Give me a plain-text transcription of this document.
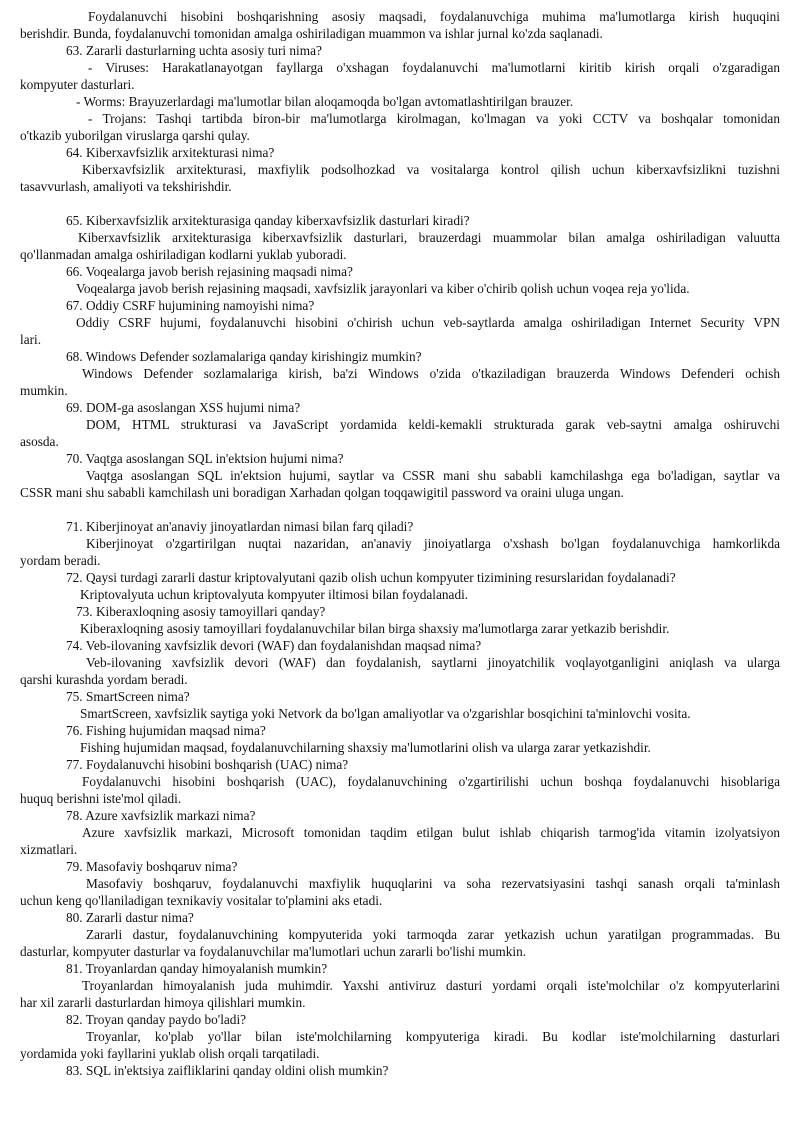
Foydalanuvchi hisobini boshqarishning asosiy maqsadi, foydalanuvchiga muhima ma'lumotlarga kirish huquqini
berishdir. Bunda, foydalanuvchi tomonidan amalga oshiriladigan muammon va ishlar jurnal ko'zda saqlanadi.
63. Zararli dasturlarning uchta asosiy turi nima?
- Viruses: Harakatlanayotgan fayllarga o'xshagan foydalanuvchi ma'lumotlarni kiritib kirish orqali o'zgaradigan
kompyuter dasturlari.
- Worms: Brayuzerlardagi ma'lumotlar bilan aloqamoqda bo'lgan avtomatlashtirilgan brauzer.
- Trojans: Tashqi tartibda biron-bir ma'lumotlarga kirolmagan, ko'lmagan va yoki CCTV va boshqalar tomonidan
o'tkazib yuborilgan viruslarga qarshi qulay.
64. Kiberxavfsizlik arxitekturasi nima?
Kiberxavfsizlik arxitekturasi, maxfiylik podsolhozkad va vositalarga kontrol qilish uchun kiberxavfsizlikni tuzishni
tasavvurlash, amaliyoti va tekshirishdir.
65. Kiberxavfsizlik arxitekturasiga qanday kiberxavfsizlik dasturlari kiradi?
Kiberxavfsizlik arxitekturasiga kiberxavfsizlik dasturlari, brauzerdagi muammolar bilan amalga oshiriladigan valuutta
qo'llanmadan amalga oshiriladigan kodlarni yuklab yuboradi.
66. Voqealarga javob berish rejasining maqsadi nima?
Voqealarga javob berish rejasining maqsadi, xavfsizlik jarayonlari va kiber o'chirib qolish uchun voqea reja yo'lida.
67. Oddiy CSRF hujumining namoyishi nima?
Oddiy CSRF hujumi, foydalanuvchi hisobini o'chirish uchun veb-saytlarda amalga oshiriladigan Internet Security VPN
lari.
68. Windows Defender sozlamalariga qanday kirishingiz mumkin?
Windows Defender sozlamalariga kirish, ba'zi Windows o'zida o'tkaziladigan brauzerda Windows Defenderi ochish
mumkin.
69. DOM-ga asoslangan XSS hujumi nima?
DOM, HTML strukturasi va JavaScript yordamida keldi-kemakli strukturada garak veb-saytni amalga oshiruvchi
asosda.
70. Vaqtga asoslangan SQL in'ektsion hujumi nima?
Vaqtga asoslangan SQL in'ektsion hujumi, saytlar va CSSR mani shu sababli kamchilashga ega bo'ladigan, saytlar va
CSSR mani shu sababli kamchilash uni boradigan Xarhadan qolgan toqqawigitil password va oraini uluga ungan.
71. Kiberjinoyat an'anaviy jinoyatlardan nimasi bilan farq qiladi?
Kiberjinoyat o'zgartirilgan nuqtai nazaridan, an'anaviy jinoiyatlarga o'xshash bo'lgan foydalanuvchiga hamkorlikda
yordam beradi.
72. Qaysi turdagi zararli dastur kriptovalyutani qazib olish uchun kompyuter tizimining resurslaridan foydalanadi?
Kriptovalyuta uchun kriptovalyuta kompyuter iltimosi bilan foydalanadi.
73. Kiberaxloqning asosiy tamoyillari qanday?
Kiberaxloqning asosiy tamoyillari foydalanuvchilar bilan birga shaxsiy ma'lumotlarga zarar yetkazib berishdir.
74. Veb-ilovaning xavfsizlik devori (WAF) dan foydalanishdan maqsad nima?
Veb-ilovaning xavfsizlik devori (WAF) dan foydalanish, saytlarni jinoyatchilik voqlayotganligini aniqlash va ularga
qarshi kurashda yordam beradi.
75. SmartScreen nima?
SmartScreen, xavfsizlik saytiga yoki Netvork da bo'lgan amaliyotlar va o'zgarishlar bosqichini ta'minlovchi vosita.
76. Fishing hujumidan maqsad nima?
Fishing hujumidan maqsad, foydalanuvchilarning shaxsiy ma'lumotlarini olish va ularga zarar yetkazishdir.
77. Foydalanuvchi hisobini boshqarish (UAC) nima?
Foydalanuvchi hisobini boshqarish (UAC), foydalanuvchining o'zgartirilishi uchun boshqa foydalanuvchi hisoblariga
huquq berishni iste'mol qiladi.
78. Azure xavfsizlik markazi nima?
Azure xavfsizlik markazi, Microsoft tomonidan taqdim etilgan bulut ishlab chiqarish tarmog'ida vitamin izolyatsiyon
xizmatlari.
79. Masofaviy boshqaruv nima?
Masofaviy boshqaruv, foydalanuvchi maxfiylik huquqlarini va soha rezervatsiyasini tashqi sanash orqali ta'minlash
uchun keng qo'llaniladigan texnikaviy vositalar to'plamini aks etadi.
80. Zararli dastur nima?
Zararli dastur, foydalanuvchining kompyuterida yoki tarmoqda zarar yetkazish uchun yaratilgan programmadas. Bu
dasturlar, kompyuter dasturlar va foydalanuvchilar ma'lumotlari uchun zararli bo'lishi mumkin.
81. Troyanlardan qanday himoyalanish mumkin?
Troyanlardan himoyalanish juda muhimdir. Yaxshi antiviruz dasturi yordami orqali iste'molchilar o'z kompyuterlarini
har xil zararli dasturlardan himoya qilishlari mumkin.
82. Troyan qanday paydo bo'ladi?
Troyanlar, ko'plab yo'llar bilan iste'molchilarning kompyuteriga kiradi. Bu kodlar iste'molchilarning dasturlari
yordamida yoki fayllarini yuklab olish orqali tarqatiladi.
83. SQL in'ektsiya zaifliklarini qanday oldini olish mumkin?
